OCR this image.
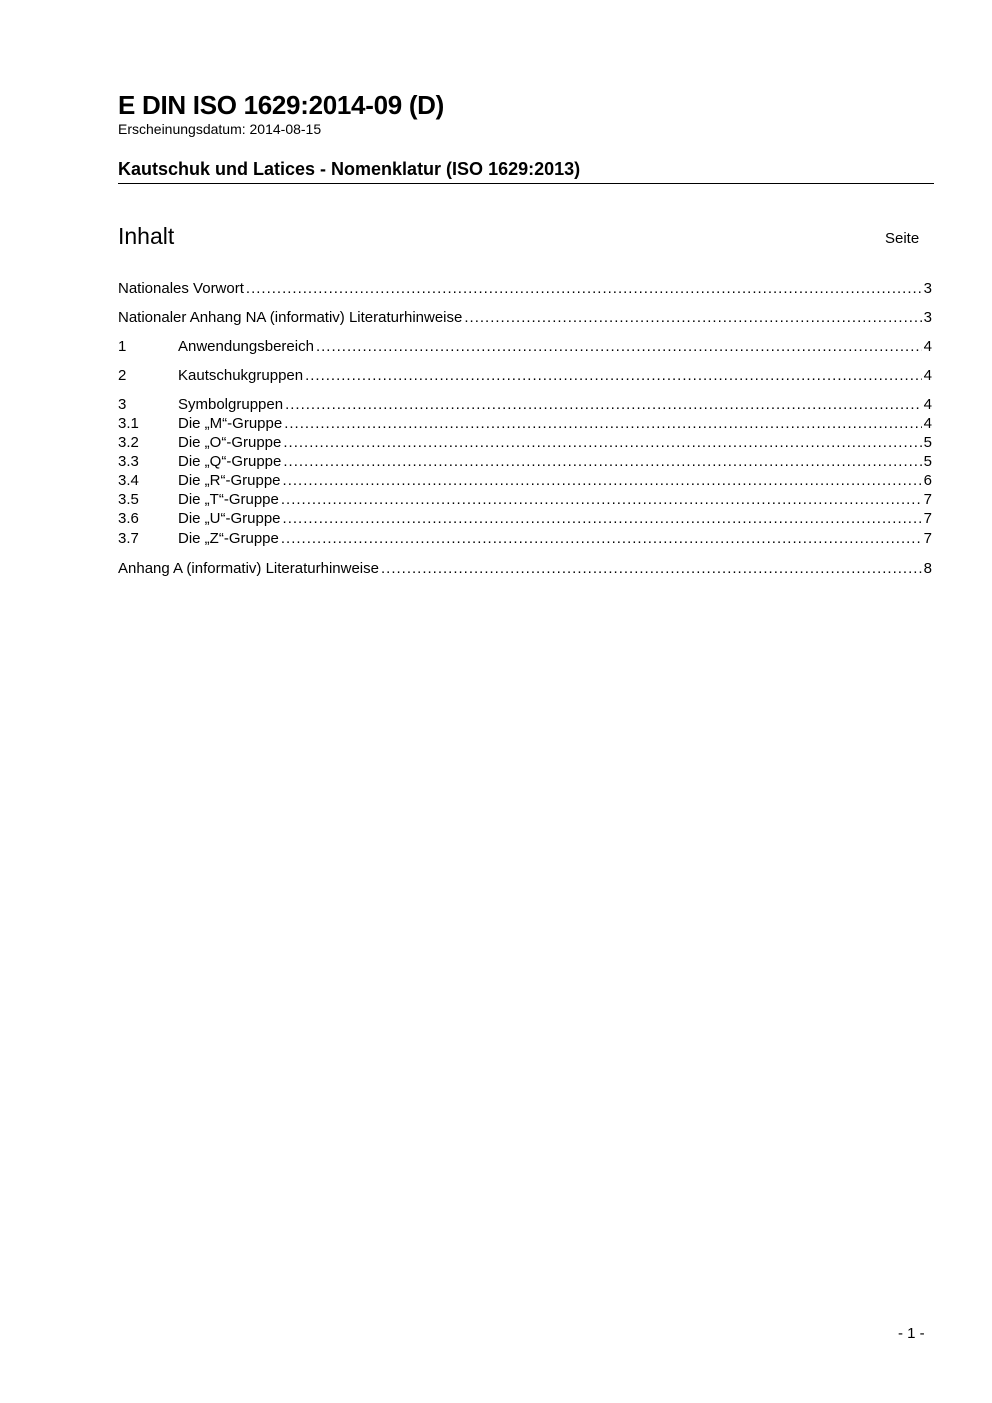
E DIN ISO 1629:2014-09 (D)
Erscheinungsdatum: 2014-08-15
Kautschuk und Latices - Nomenklatur (ISO 1629:2013)
Inhalt	Seite
Nationales Vorwort .....	3
Nationaler Anhang NA (informativ) Literaturhinweise .....	3
1	Anwendungsbereich .....	4
2	Kautschukgruppen .....	4
3	Symbolgruppen .....	4
3.1	Die „M“-Gruppe .....	4
3.2	Die „O“-Gruppe .....	5
3.3	Die „Q“-Gruppe .....	5
3.4	Die „R“-Gruppe .....	6
3.5	Die „T“-Gruppe .....	7
3.6	Die „U“-Gruppe .....	7
3.7	Die „Z“-Gruppe .....	7
Anhang A (informativ) Literaturhinweise .....	8
- 1 -
